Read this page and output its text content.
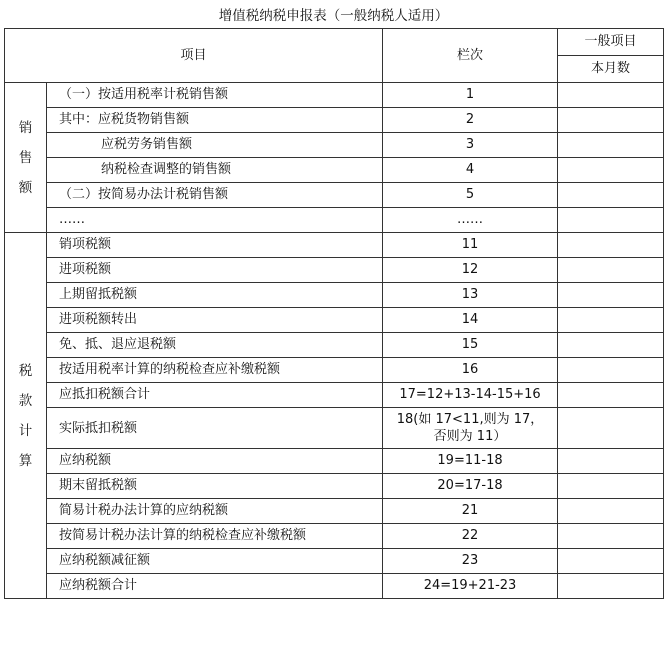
增值税纳税申报表（一般纳税人适用）
项目		栏次	一般项目
			本月数

销
售
额	（一）按适用税率计税销售额	1	
	其中：应税货物销售额	2	
	应税劳务销售额	3	
	纳税检查调整的销售额	4	
	（二）按简易办法计税销售额	5	
	……	……	

税
款
计
算	销项税额	11	
	进项税额	12	
	上期留抵税额	13	
	进项税额转出	14	
	免、抵、退应退税额	15	
	按适用税率计算的纳税检查应补缴税额	16	
	应抵扣税额合计	17=12+13-14-15+16	
	实际抵扣税额	18(如 17<11,则为 17，
否则为 11）	

	应纳税额	19=11-18	
	期末留抵税额	20=17-18	
	简易计税办法计算的应纳税额	21	
	按简易计税办法计算的纳税检查应补缴税额	22	
	应纳税额减征额	23	
	应纳税额合计	24=19+21-23	
